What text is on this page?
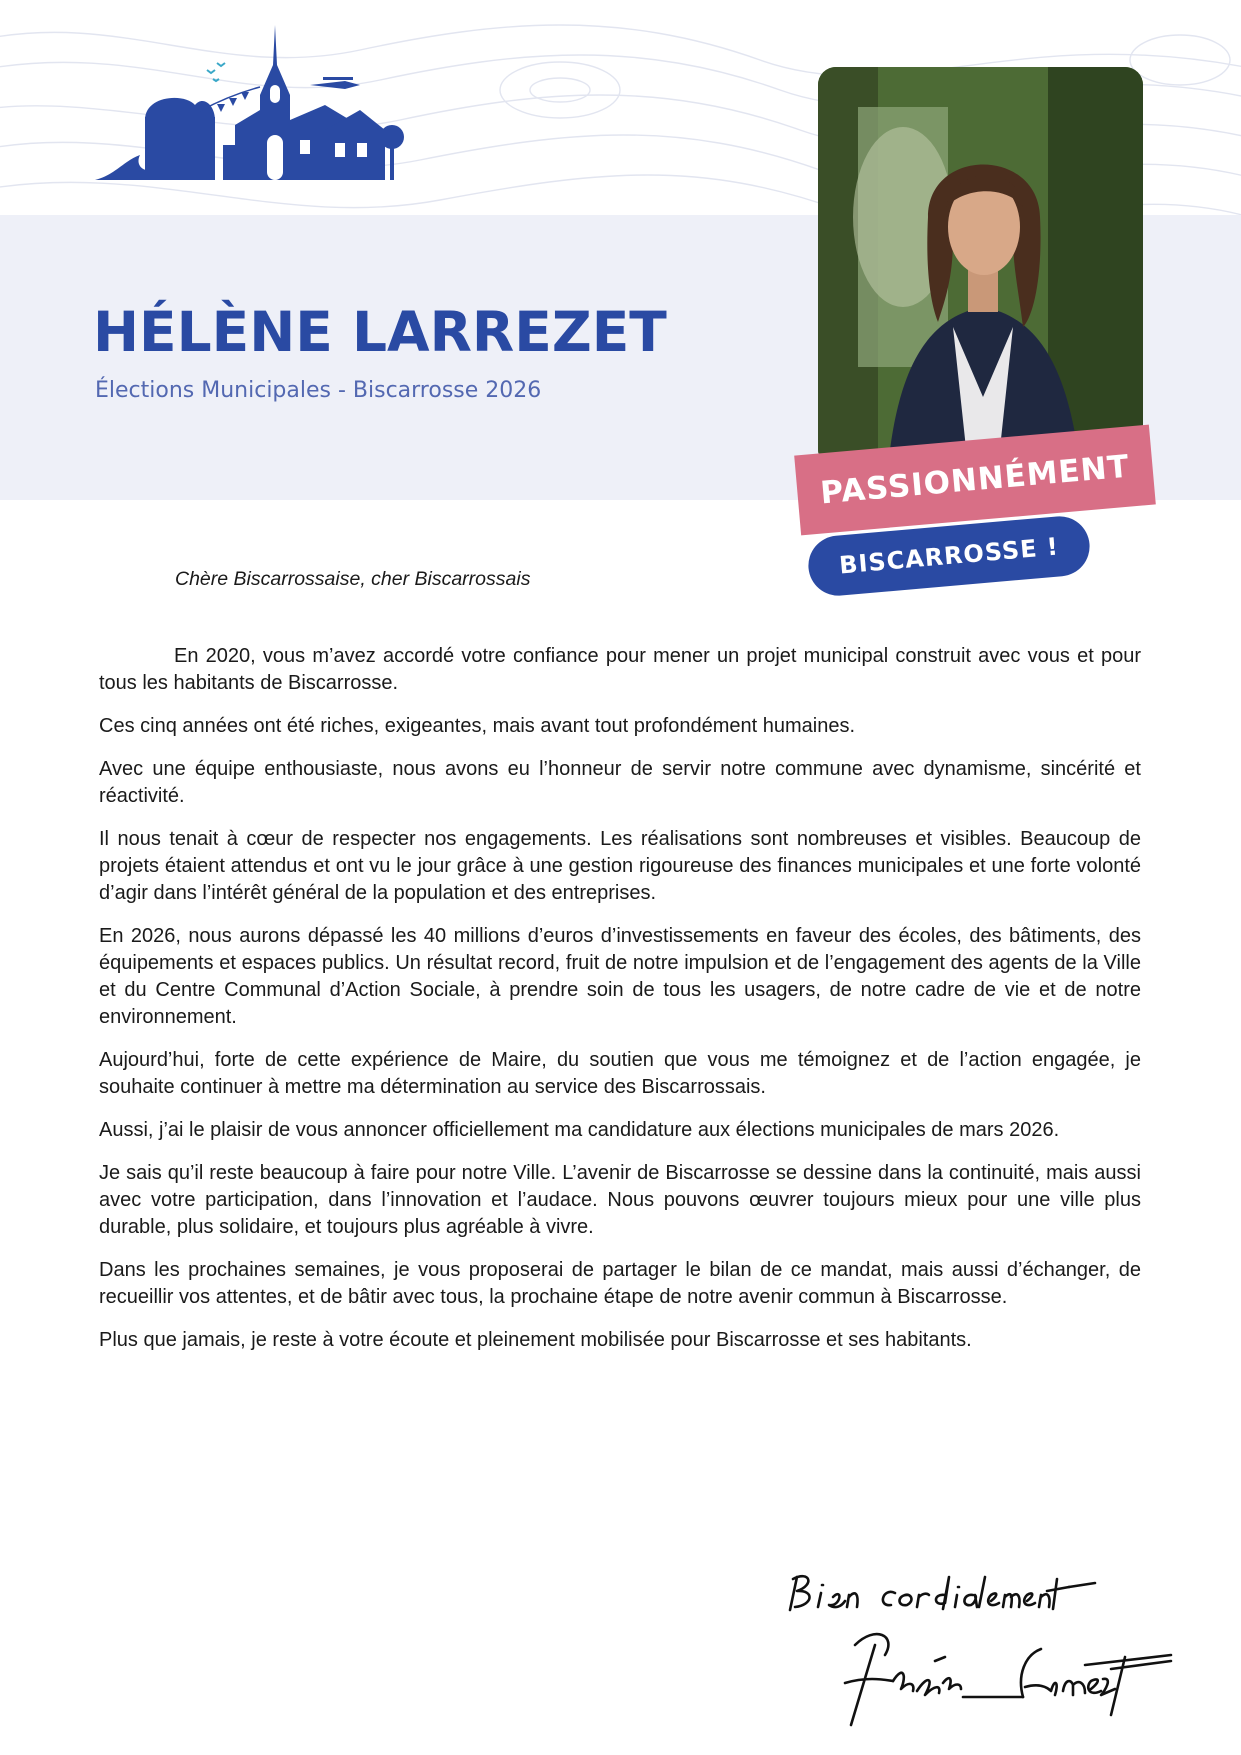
HÉLÈNE LARREZET
Élections Municipales - Biscarrosse 2026
PASSIONNÉMENT
BISCARROSSE !
Chère Biscarrossaise, cher Biscarrossais

En 2020, vous m’avez accordé votre confiance pour mener un projet municipal construit avec vous et pour tous les habitants de Biscarrosse.

Ces cinq années ont été riches, exigeantes, mais avant tout profondément humaines.

Avec une équipe enthousiaste, nous avons eu l’honneur de servir notre commune avec dynamisme, sincérité et réactivité.

Il nous tenait à cœur de respecter nos engagements. Les réalisations sont nombreuses et visibles. Beaucoup de projets étaient attendus et ont vu le jour grâce à une gestion rigoureuse des finances municipales et une forte volonté d’agir dans l’intérêt général de la population et des entreprises.

En 2026, nous aurons dépassé les 40 millions d’euros d’investissements en faveur des écoles, des bâtiments, des équipements et espaces publics. Un résultat record, fruit de notre impulsion et de l’engagement des agents de la Ville et du Centre Communal d’Action Sociale, à prendre soin de tous les usagers, de notre cadre de vie et de notre environnement.

Aujourd’hui, forte de cette expérience de Maire, du soutien que vous me témoignez et de l’action engagée, je souhaite continuer à mettre ma détermination au service des Biscarrossais.

Aussi, j’ai le plaisir de vous annoncer officiellement ma candidature aux élections municipales de mars 2026.

Je sais qu’il reste beaucoup à faire pour notre Ville. L’avenir de Biscarrosse se dessine dans la continuité, mais aussi avec votre participation, dans l’innovation et l’audace. Nous pouvons œuvrer toujours mieux pour une ville plus durable, plus solidaire, et toujours plus agréable à vivre.

Dans les prochaines semaines, je vous proposerai de partager le bilan de ce mandat, mais aussi d’échanger, de recueillir vos attentes, et de bâtir avec tous, la prochaine étape de notre avenir commun à Biscarrosse.

Plus que jamais, je reste à votre écoute et pleinement mobilisée pour Biscarrosse et ses habitants.
